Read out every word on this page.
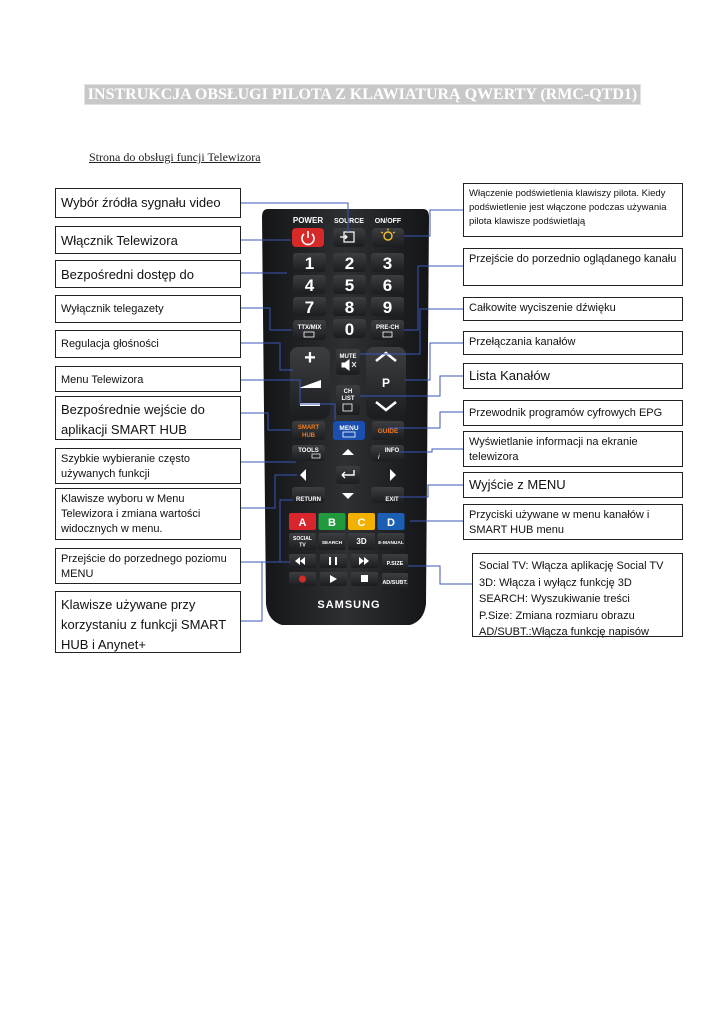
INSTRUKCJA OBSŁUGI PILOTA Z KLAWIATURĄ QWERTY (RMC-QTD1)
Strona do obsługi funcji Telewizora
Wybór źródła sygnału video
Włącznik Telewizora
Bezpośredni dostęp do
Wyłącznik telegazety
Regulacja głośności
Menu Telewizora
Bezpośrednie wejście do aplikacji SMART HUB
Szybkie wybieranie często używanych funkcji
Klawisze wyboru w Menu Telewizora i zmiana wartości widocznych w menu.
Przejście do porzednego poziomu MENU
Klawisze używane przy korzystaniu z funkcji SMART HUB i Anynet+
Włączenie podświetlenia klawiszy pilota. Kiedy podświetlenie jest włączone podczas używania pilota klawisze podświetlają
Przejście do porzednio oglądanego kanału
Całkowite wyciszenie dźwięku
Przełączania kanałów
Lista Kanałów
Przewodnik programów cyfrowych EPG
Wyświetlanie informacji na ekranie telewizora
Wyjście z MENU
Przyciski używane w menu kanałów i SMART HUB menu
Social TV: Włącza aplikację Social TV
3D: Włącza i wyłącz funkcję 3D
SEARCH: Wyszukiwanie treści
P.Size: Zmiana rozmiaru obrazu
AD/SUBT.:Włącza funkcję napisów
POWER SOURCE ON/OFF
1 2 3
4 5 6
7 8 9
0
TTX/MIX	PRE-CH
+	MUTE
CH
LIST
P
SMART
HUB
MENU	GUIDE
TOOLS	INFO
i
RETURN	EXIT
A B C D
SOCIAL
TV	SEARCH 3D E-MANUAL
P.SIZE
AD/SUBT.
SAMSUNG
